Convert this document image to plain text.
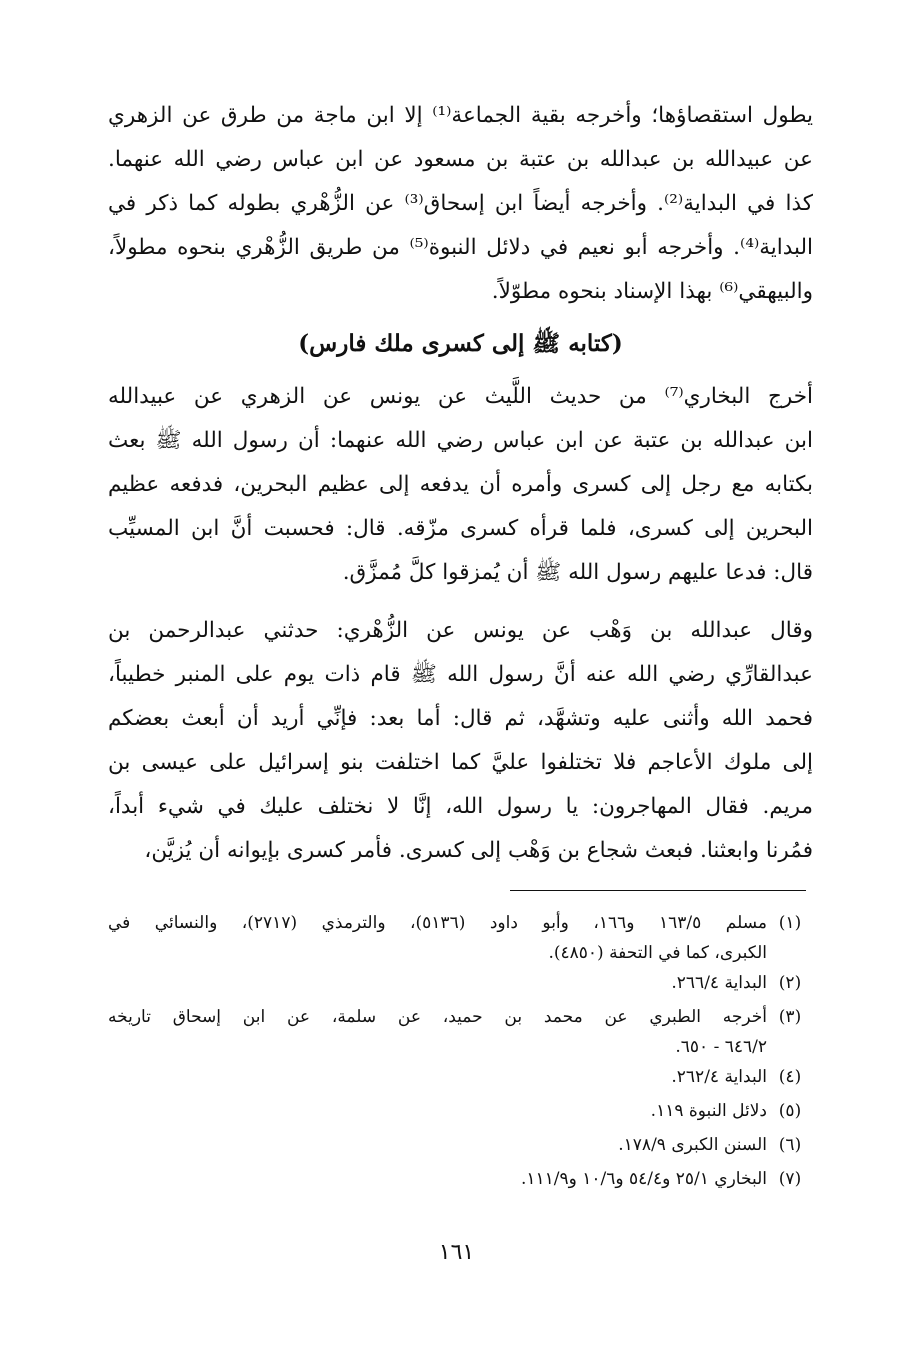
يطول استقصاؤها؛ وأخرجه بقية الجماعة⁽¹⁾ إلا ابن ماجة من طرق عن الزهري
عن عبيدالله بن عبدالله بن عتبة بن مسعود عن ابن عباس رضي الله عنهما.
كذا في البداية⁽²⁾. وأخرجه أيضاً ابن إسحاق⁽³⁾ عن الزُّهْري بطوله كما ذكر في
البداية⁽⁴⁾. وأخرجه أبو نعيم في دلائل النبوة⁽⁵⁾ من طريق الزُّهْري بنحوه مطولاً،
والبيهقي⁽⁶⁾ بهذا الإسناد بنحوه مطوّلاً.
(كتابه ﷺ إلى كسرى ملك فارس)
أخرج البخاري⁽⁷⁾ من حديث اللَّيث عن يونس عن الزهري عن عبيدالله
ابن عبدالله بن عتبة عن ابن عباس رضي الله عنهما: أن رسول الله ﷺ بعث
بكتابه مع رجل إلى كسرى وأمره أن يدفعه إلى عظيم البحرين، فدفعه عظيم
البحرين إلى كسرى، فلما قرأه كسرى مزّقه. قال: فحسبت أنَّ ابن المسيِّب
قال: فدعا عليهم رسول الله ﷺ أن يُمزقوا كلَّ مُمزَّق.
وقال عبدالله بن وَهْب عن يونس عن الزُّهْري: حدثني عبدالرحمن بن
عبدالقارِّي رضي الله عنه أنَّ رسول الله ﷺ قام ذات يوم على المنبر خطيباً،
فحمد الله وأثنى عليه وتشهَّد، ثم قال: أما بعد: فإنِّي أريد أن أبعث بعضكم
إلى ملوك الأعاجم فلا تختلفوا عليَّ كما اختلفت بنو إسرائيل على عيسى بن
مريم. فقال المهاجرون: يا رسول الله، إنَّا لا نختلف عليك في شيء أبداً،
فمُرنا وابعثنا. فبعث شجاع بن وَهْب إلى كسرى. فأمر كسرى بإيوانه أن يُزيَّن،
(١)
مسلم ١٦٣/٥ و١٦٦، وأبو داود (٥١٣٦)، والترمذي (٢٧١٧)، والنسائي في
الكبرى، كما في التحفة (٤٨٥٠).
(٢)
البداية ٢٦٦/٤.
(٣)
أخرجه الطبري عن محمد بن حميد، عن سلمة، عن ابن إسحاق تاريخه
٦٤٦/٢ - ٦٥٠.
(٤)
البداية ٢٦٢/٤.
(٥)
دلائل النبوة ١١٩.
(٦)
السنن الكبرى ١٧٨/٩.
(٧)
البخاري ٢٥/١ و٥٤/٤ و١٠/٦ و١١١/٩.
١٦١
